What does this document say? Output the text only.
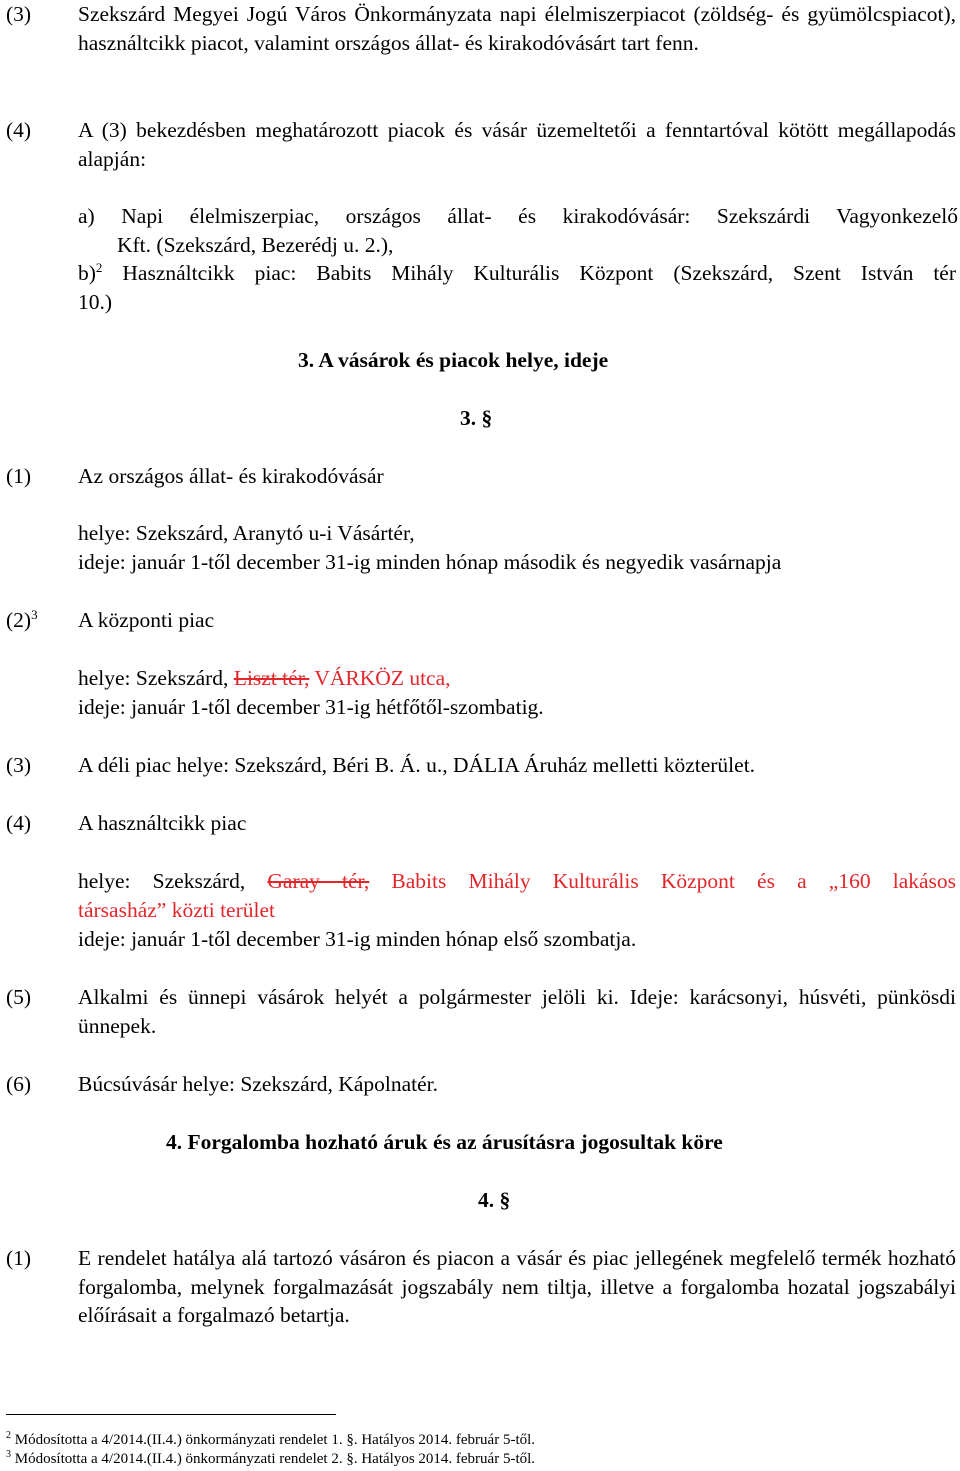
(3) Szekszárd Megyei Jogú Város Önkormányzata napi élelmiszerpiacot (zöldség- és gyümölcspiacot), használtcikk piacot, valamint országos állat- és kirakodóvásárt tart fenn.
(4) A (3) bekezdésben meghatározott piacok és vásár üzemeltetői a fenntartóval kötött megállapodás alapján:
a) Napi élelmiszerpiac, országos állat- és kirakodóvásár: Szekszárdi Vagyonkezelő
Kft. (Szekszárd, Bezerédj u. 2.),
b)$^2$ Használtcikk piac: Babits Mihály Kulturális Központ (Szekszárd, Szent István tér
10.)
3. A vásárok és piacok helye, ideje
3. §
(1) Az országos állat- és kirakodóvásár
helye: Szekszárd, Aranytó u-i Vásártér,
ideje: január 1-től december 31-ig minden hónap második és negyedik vasárnapja
$(2)^3$ A központi piac
helye: Szekszárd, Liszt tér, VÁRKÖZ utca,
ideje: január 1-től december 31-ig hétfőtől-szombatig.
(3) A déli piac helye: Szekszárd, Béri B. Á. u., DÁLIA Áruház melletti közterület.
(4) A használtcikk piac
helye: Szekszárd, Garay tér, Babits Mihály Kulturális Központ és a „160 lakásos
társasház” közti terület
ideje: január 1-től december 31-ig minden hónap első szombatja.
(5) Alkalmi és ünnepi vásárok helyét a polgármester jelöli ki. Ideje: karácsonyi, húsvéti, pünkösdi ünnepek.
(6) Búcsúvásár helye: Szekszárd, Kápolnatér.
4. Forgalomba hozható áruk és az árusításra jogosultak köre
4. §
(1) E rendelet hatálya alá tartozó vásáron és piacon a vásár és piac jellegének megfelelő termék hozható forgalomba, melynek forgalmazását jogszabály nem tiltja, illetve a forgalomba hozatal jogszabályi előírásait a forgalmazó betartja.
$^2$ Módosította a 4/2014.(II.4.) önkormányzati rendelet 1. §. Hatályos 2014. február 5-től.
$^3$ Módosította a 4/2014.(II.4.) önkormányzati rendelet 2. §. Hatályos 2014. február 5-től.
